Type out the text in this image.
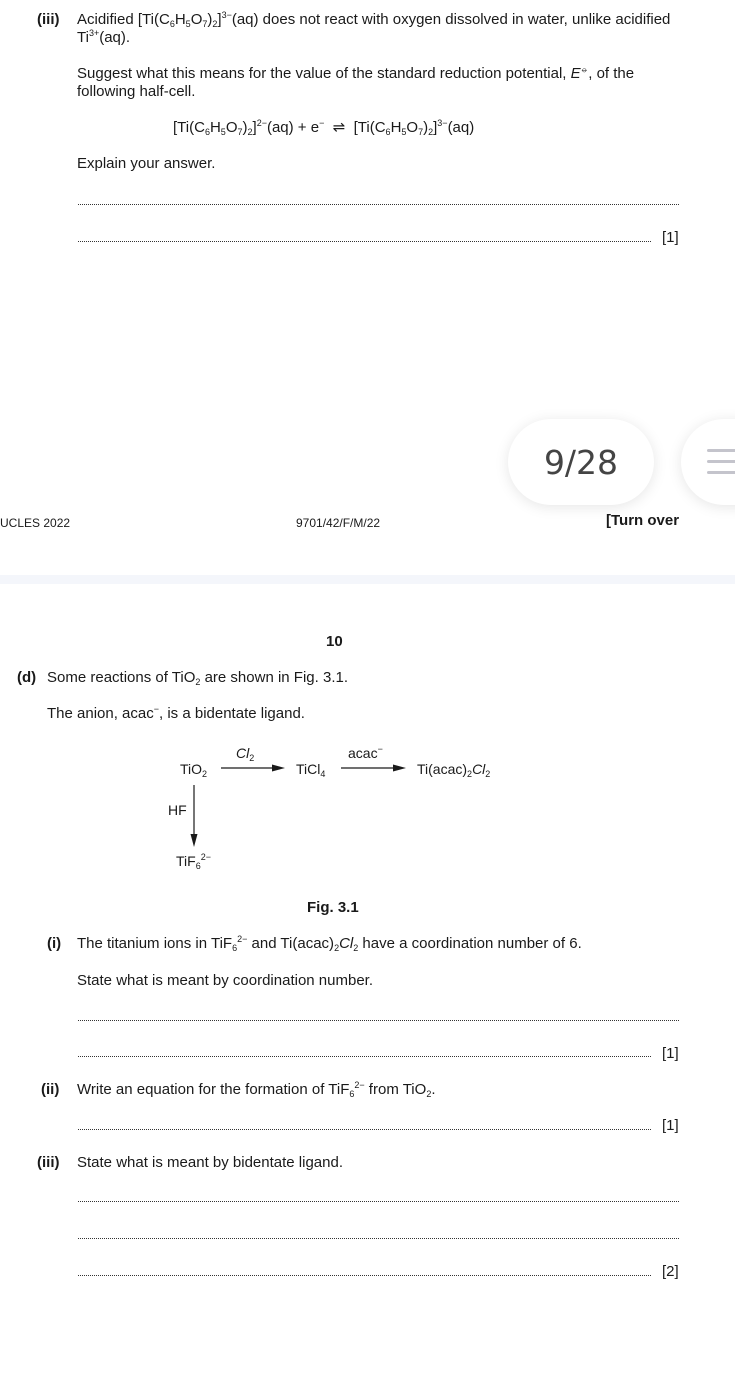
(iii) Acidified $[Ti(C_6H_5O_7)_2]^{3-}(aq)$ does not react with oxygen dissolved in water, unlike acidified
$Ti^{3+}(aq)$.
Suggest what this means for the value of the standard reduction potential, E⦵, of the
following half-cell.
$[Ti(C_6H_5O_7)_2]^{2-}(aq) + e^-$ ⇌ $[Ti(C_6H_5O_7)_2]^{3-}(aq)$
Explain your answer.
[1]
UCLES 2022	9701/42/F/M/22	[Turn over
9/28
10
(d) Some reactions of TiO$_2$ are shown in Fig. 3.1.
The anion, acac−, is a bidentate ligand.
TiO$_2$
$Cl_2$
TiCl$_4$
acac−
$Ti(acac)_2Cl_2$
HF
TiF$_6^{2-}$
Fig. 3.1
(i) The titanium ions in TiF$_6^{2-}$ and $Ti(acac)_2Cl_2$ have a coordination number of 6.
State what is meant by coordination number.
[1]
(ii) Write an equation for the formation of TiF$_6^{2-}$ from TiO$_2$.
[1]
(iii) State what is meant by bidentate ligand.
[2]
